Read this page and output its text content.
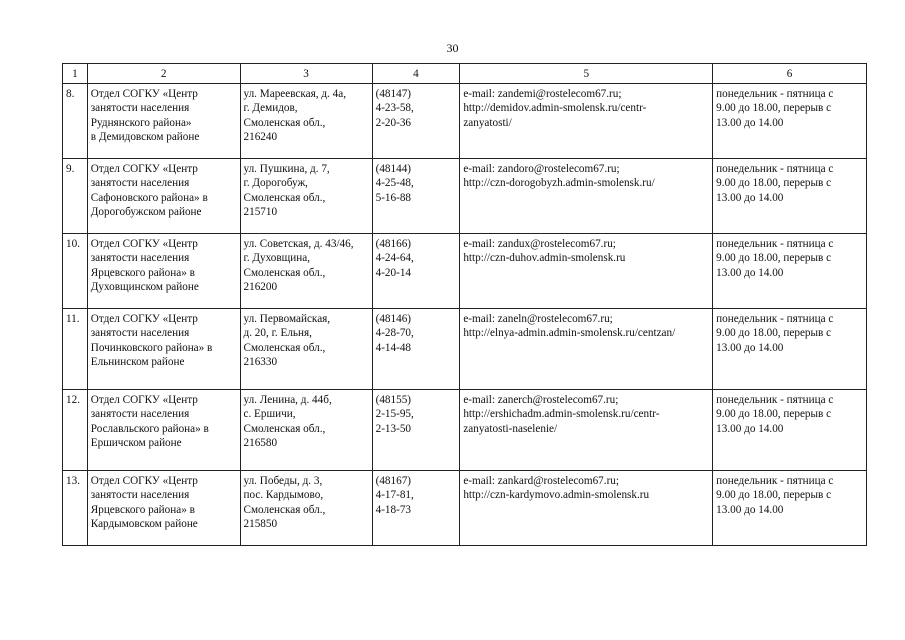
30
1	2	3	4	5	6
8.	Отдел СОГКУ «Центр
занятости населения
Руднянского района»
в Демидовском районе	ул. Мареевская, д. 4а,
г. Демидов,
Смоленская обл.,
216240	(48147)
4-23-58,
2-20-36	e-mail: zandemi@rostelecom67.ru;
http://demidov.admin-smolensk.ru/centr-
zanyatosti/	понедельник - пятница с
9.00 до 18.00, перерыв с
13.00 до 14.00

9.	Отдел СОГКУ «Центр
занятости населения
Сафоновского района» в
Дорогобужском районе	ул. Пушкина, д. 7,
г. Дорогобуж,
Смоленская обл.,
215710	(48144)
4-25-48,
5-16-88	e-mail: zandoro@rostelecom67.ru;
http://czn-dorogobyzh.admin-smolensk.ru/	понедельник - пятница с
9.00 до 18.00, перерыв с
13.00 до 14.00

10.	Отдел СОГКУ «Центр
занятости населения
Ярцевского района» в
Духовщинском районе	ул. Советская, д. 43/46,
г. Духовщина,
Смоленская обл.,
216200	(48166)
4-24-64,
4-20-14	e-mail: zandux@rostelecom67.ru;
http://czn-duhov.admin-smolensk.ru	понедельник - пятница с
9.00 до 18.00, перерыв с
13.00 до 14.00

11.	Отдел СОГКУ «Центр
занятости населения
Починковского района» в
Ельнинском районе	ул. Первомайская,
д. 20, г. Ельня,
Смоленская обл.,
216330	(48146)
4-28-70,
4-14-48	e-mail: zaneln@rostelecom67.ru;
http://elnya-admin.admin-smolensk.ru/centzan/	понедельник - пятница с
9.00 до 18.00, перерыв с
13.00 до 14.00

12.	Отдел СОГКУ «Центр
занятости населения
Рославльского района» в
Ершичском районе	ул. Ленина, д. 44б,
с. Ершичи,
Смоленская обл.,
216580	(48155)
2-15-95,
2-13-50	e-mail: zanerch@rostelecom67.ru;
http://ershichadm.admin-smolensk.ru/centr-
zanyatosti-naselenie/	понедельник - пятница с
9.00 до 18.00, перерыв с
13.00 до 14.00

13.	Отдел СОГКУ «Центр
занятости населения
Ярцевского района» в
Кардымовском районе	ул. Победы, д. 3,
пос. Кардымово,
Смоленская обл.,
215850	(48167)
4-17-81,
4-18-73	e-mail: zankard@rostelecom67.ru;
http://czn-kardymovo.admin-smolensk.ru	понедельник - пятница с
9.00 до 18.00, перерыв с
13.00 до 14.00
